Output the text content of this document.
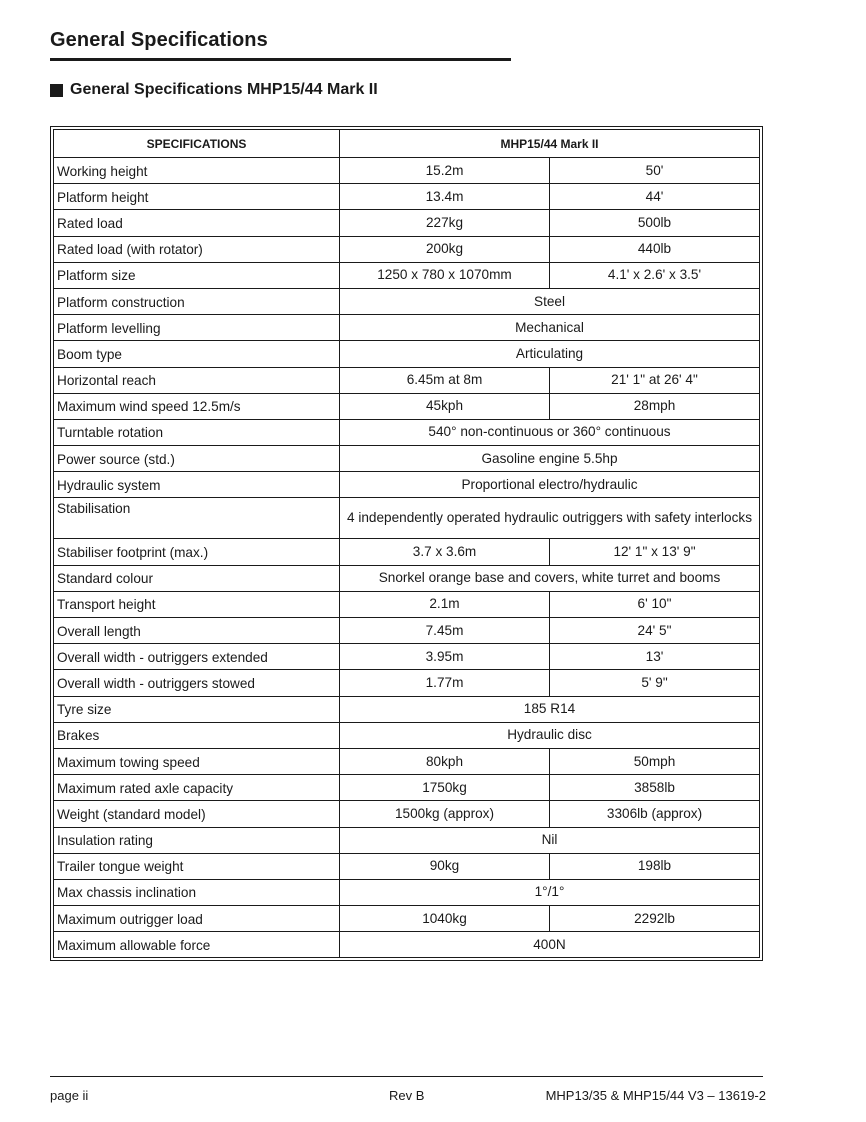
General Specifications
General Specifications MHP15/44 Mark II
SPECIFICATIONS	MHP15/44 Mark II	
Working height	15.2m	50'
Platform height	13.4m	44'
Rated load	227kg	500lb
Rated load (with rotator)	200kg	440lb
Platform size	1250 x 780 x 1070mm	4.1' x 2.6' x 3.5'
Platform construction	Steel	
Platform levelling	Mechanical	
Boom type	Articulating	
Horizontal reach	6.45m at 8m	21' 1" at 26' 4"
Maximum wind speed 12.5m/s	45kph	28mph
Turntable rotation	540° non-continuous or 360° continuous	
Power source (std.)	Gasoline engine 5.5hp	
Hydraulic system	Proportional electro/hydraulic	
Stabilisation	4 independently operated hydraulic outriggers with safety interlocks	
Stabiliser footprint (max.)	3.7 x 3.6m	12' 1" x 13' 9"
Standard colour	Snorkel orange base and covers, white turret and booms	
Transport height	2.1m	6' 10"
Overall length	7.45m	24' 5"
Overall width - outriggers extended	3.95m	13'
Overall width - outriggers stowed	1.77m	5' 9"
Tyre size	185 R14	
Brakes	Hydraulic disc	
Maximum towing speed	80kph	50mph
Maximum rated axle capacity	1750kg	3858lb
Weight (standard model)	1500kg (approx)	3306lb (approx)
Insulation rating	Nil	
Trailer tongue weight	90kg	198lb
Max chassis inclination	1°/1°	
Maximum outrigger load	1040kg	2292lb
Maximum allowable force	400N	
page ii	Rev B	MHP13/35 & MHP15/44 V3 – 13619-2
